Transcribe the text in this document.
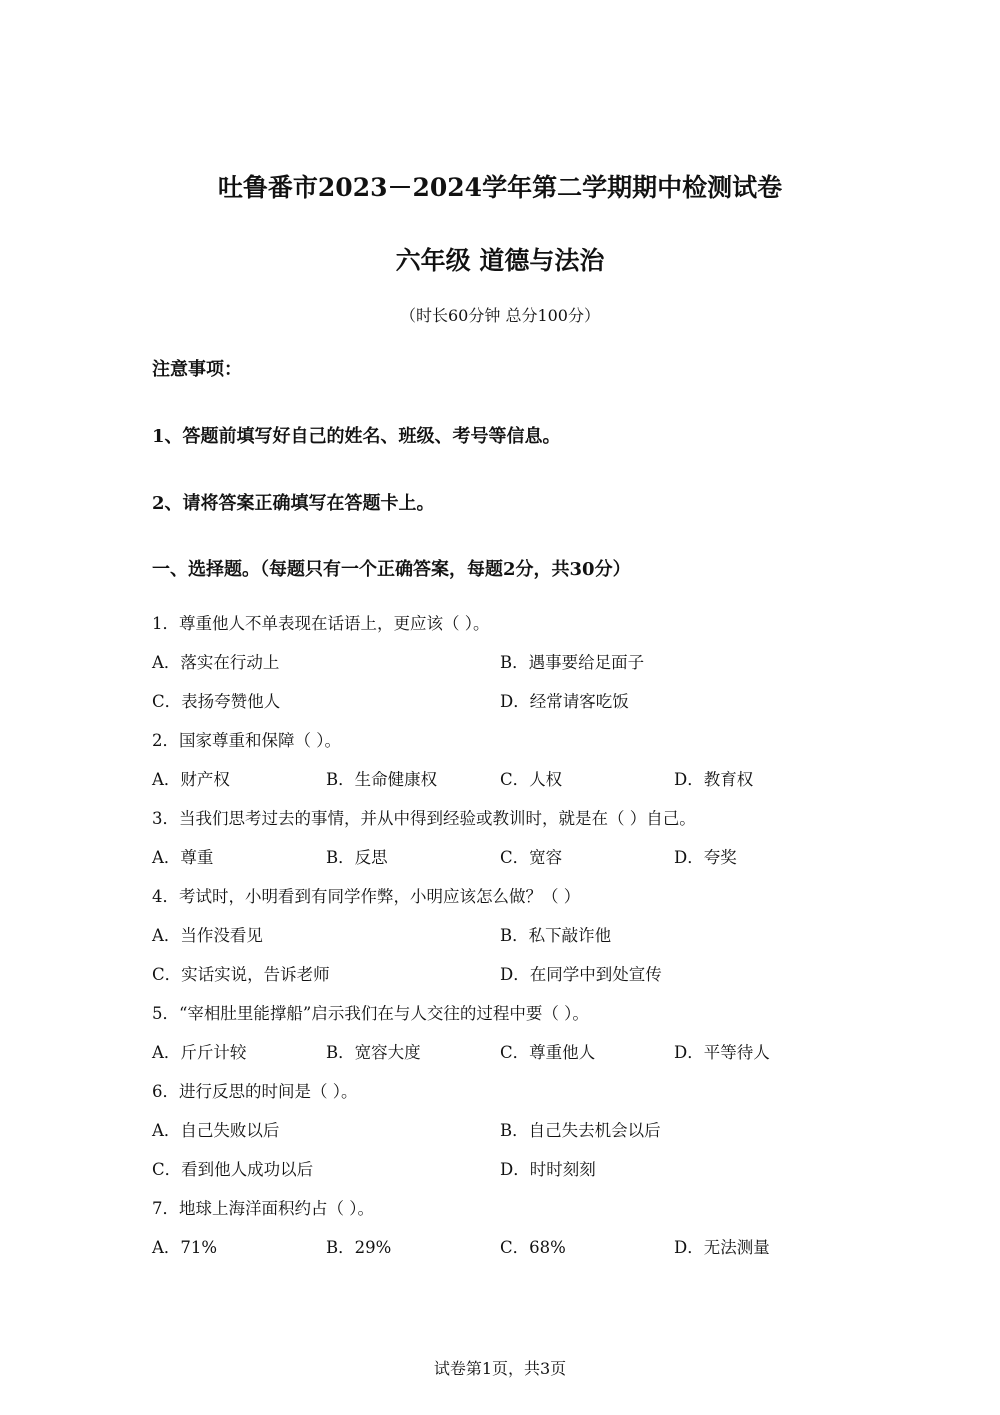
吐鲁番市2023－2024学年第二学期期中检测试卷
六年级 道德与法治
（时长60分钟 总分100分）
注意事项：
1、答题前填写好自己的姓名、班级、考号等信息。
2、请将答案正确填写在答题卡上。
一、选择题。（每题只有一个正确答案，每题2分，共30分）
1．尊重他人不单表现在话语上，更应该（ ）。
A．落实在行动上	B．遇事要给足面子
C．表扬夸赞他人	D．经常请客吃饭
2．国家尊重和保障（ ）。
A．财产权	B．生命健康权	C．人权	D．教育权
3．当我们思考过去的事情，并从中得到经验或教训时，就是在（ ）自己。
A．尊重	B．反思	C．宽容	D．夸奖
4．考试时，小明看到有同学作弊，小明应该怎么做？（ ）
A．当作没看见	B．私下敲诈他
C．实话实说，告诉老师	D．在同学中到处宣传
5．“宰相肚里能撑船”启示我们在与人交往的过程中要（ ）。
A．斤斤计较	B．宽容大度	C．尊重他人	D．平等待人
6．进行反思的时间是（ ）。
A．自己失败以后	B．自己失去机会以后
C．看到他人成功以后	D．时时刻刻
7．地球上海洋面积约占（ ）。
A．71%	B．29%	C．68%	D．无法测量
试卷第1页，共3页
